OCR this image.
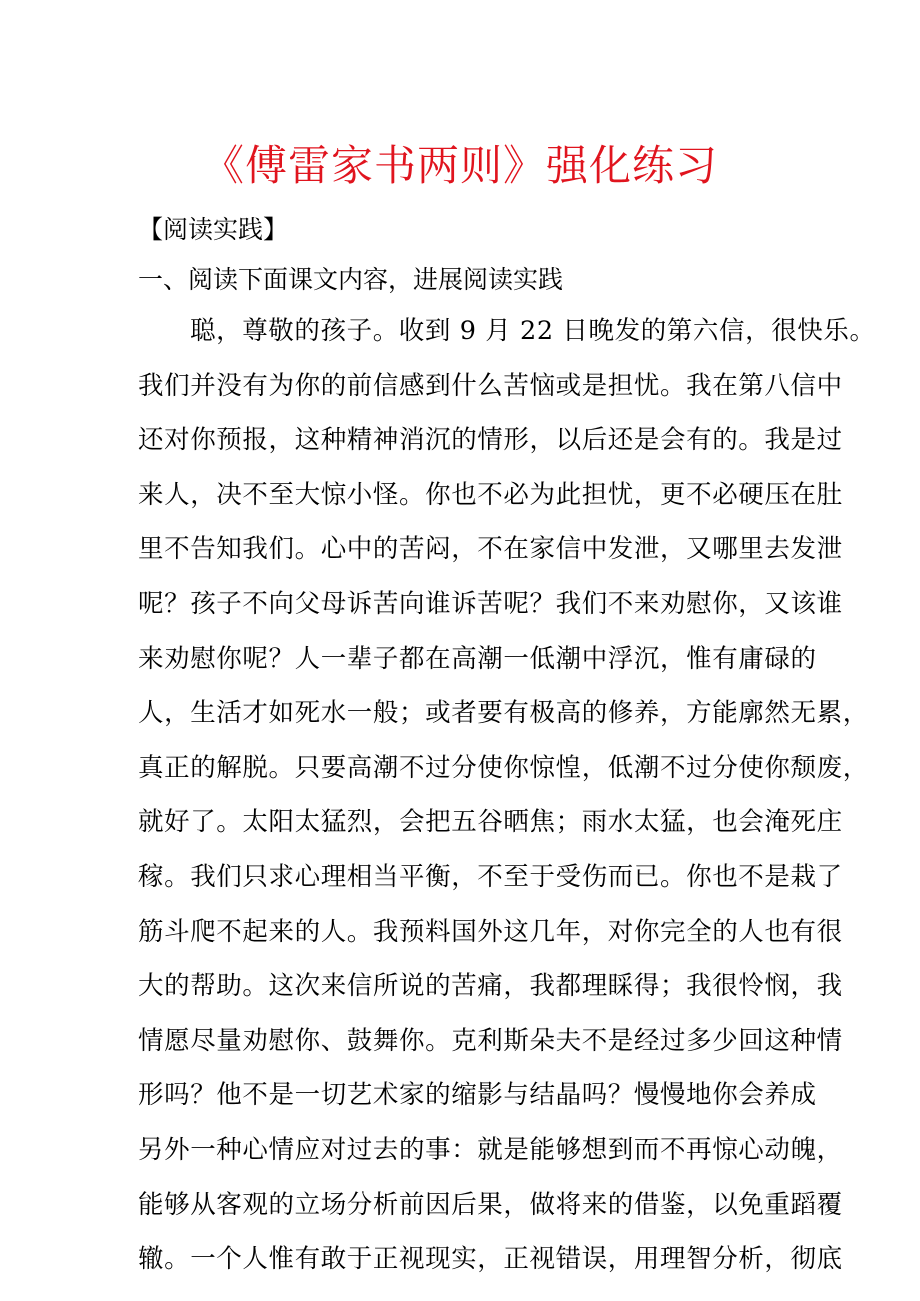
《傅雷家书两则》强化练习
【阅读实践】
一、阅读下面课文内容，进展阅读实践
聪，尊敬的孩子。收到 9 月 22 日晚发的第六信，很快乐。
我们并没有为你的前信感到什么苦恼或是担忧。我在第八信中
还对你预报，这种精神消沉的情形，以后还是会有的。我是过
来人，决不至大惊小怪。你也不必为此担忧，更不必硬压在肚
里不告知我们。心中的苦闷，不在家信中发泄，又哪里去发泄
呢？孩子不向父母诉苦向谁诉苦呢？我们不来劝慰你，又该谁
来劝慰你呢？人一辈子都在高潮一低潮中浮沉，惟有庸碌的
人，生活才如死水一般；或者要有极高的修养，方能廓然无累，
真正的解脱。只要高潮不过分使你惊惶，低潮不过分使你颓废，
就好了。太阳太猛烈，会把五谷晒焦；雨水太猛，也会淹死庄
稼。我们只求心理相当平衡，不至于受伤而已。你也不是栽了
筋斗爬不起来的人。我预料国外这几年，对你完全的人也有很
大的帮助。这次来信所说的苦痛，我都理睬得；我很怜悯，我
情愿尽量劝慰你、鼓舞你。克利斯朵夫不是经过多少回这种情
形吗？他不是一切艺术家的缩影与结晶吗？慢慢地你会养成
另外一种心情应对过去的事：就是能够想到而不再惊心动魄，
能够从客观的立场分析前因后果，做将来的借鉴，以免重蹈覆
辙。一个人惟有敢于正视现实，正视错误，用理智分析，彻底
